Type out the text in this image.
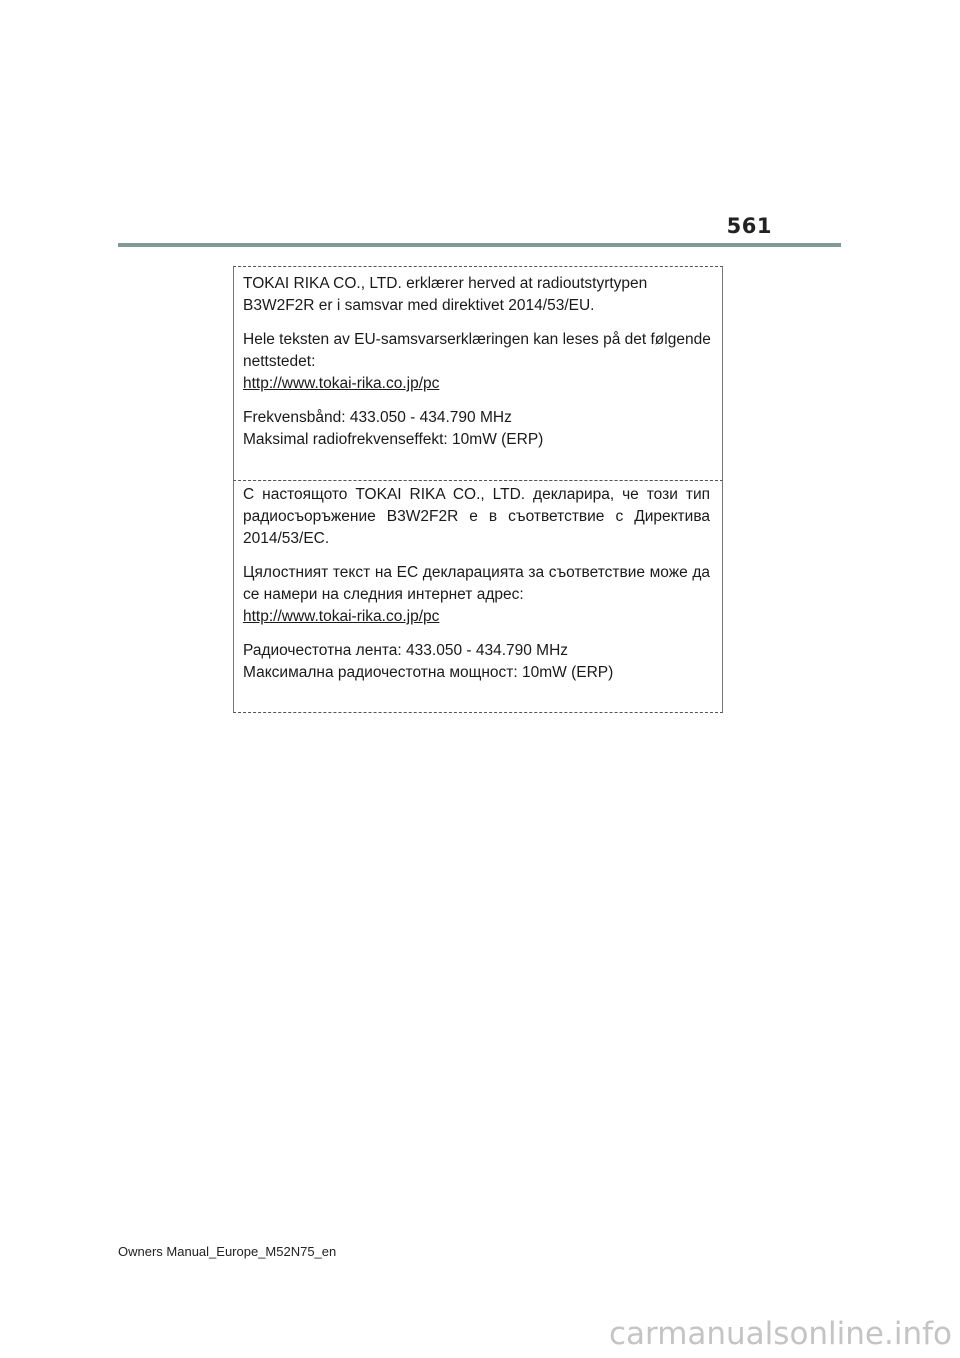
561

TOKAI RIKA CO., LTD. erklærer herved at radioutstyrtypen B3W2F2R er i samsvar med direktivet 2014/53/EU.

Hele teksten av EU-samsvarserklæringen kan leses på det følgende nettstedet:

http://www.tokai-rika.co.jp/pc

Frekvensbånd: 433.050 - 434.790 MHz

Maksimal radiofrekvenseffekt: 10mW (ERP)

С настоящото TOKAI RIKA CO., LTD. декларира, че този тип радиосъоръжение B3W2F2R е в съответствие с Директива 2014/53/ЕС.

Цялостният текст на ЕС декларацията за съответствие може да се намери на следния интернет адрес:

http://www.tokai-rika.co.jp/pc

Радиочестотна лента: 433.050 - 434.790 MHz

Максимална радиочестотна мощност: 10mW (ERP)

Owners Manual_Europe_M52N75_en
carmanualsonline.info
